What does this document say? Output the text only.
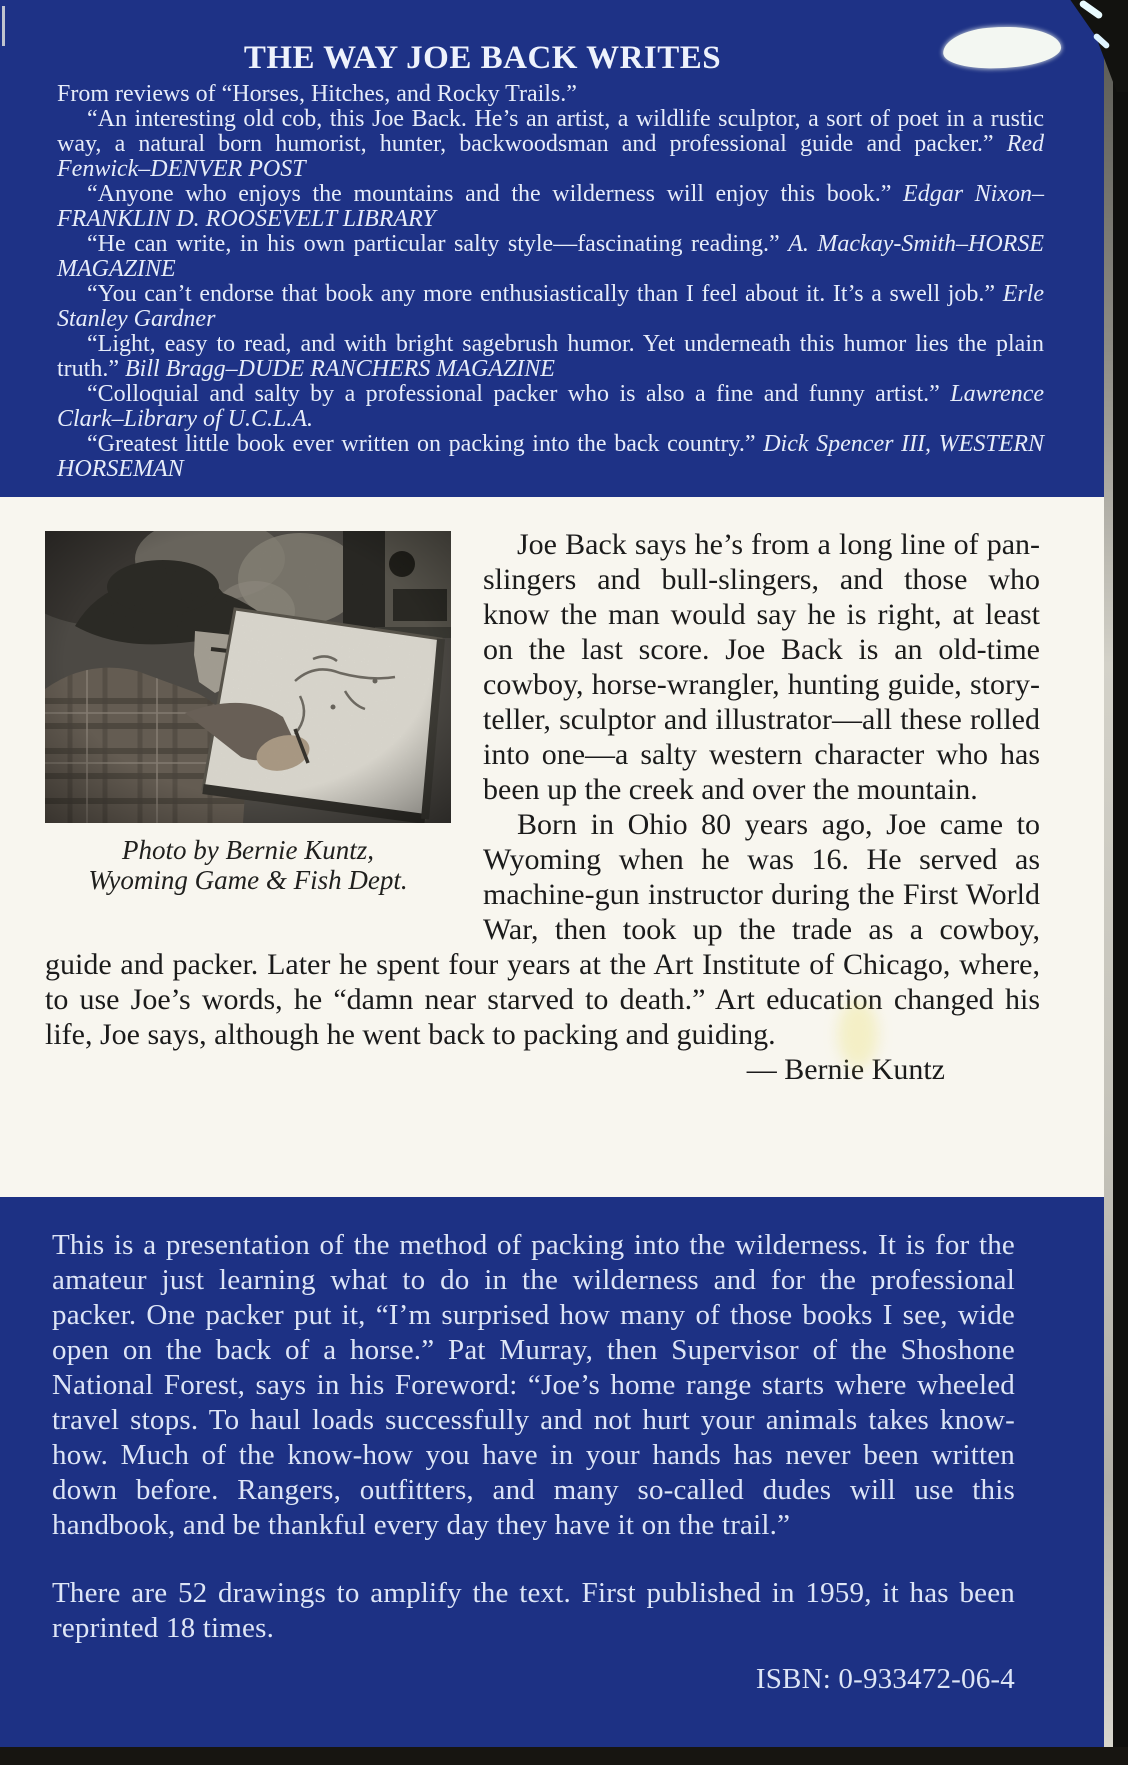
THE WAY JOE BACK WRITES

From reviews of “Horses, Hitches, and Rocky Trails.”

“An interesting old cob, this Joe Back. He’s an artist, a wildlife sculptor, a sort of poet in a rustic way, a natural born humorist, hunter, backwoodsman and professional guide and packer.” Red Fenwick–DENVER POST

“Anyone who enjoys the mountains and the wilderness will enjoy this book.” Edgar Nixon–FRANKLIN D. ROOSEVELT LIBRARY

“He can write, in his own particular salty style—fascinating reading.” A. Mackay-Smith–HORSE MAGAZINE

“You can’t endorse that book any more enthusiastically than I feel about it. It’s a swell job.” Erle Stanley Gardner

“Light, easy to read, and with bright sagebrush humor. Yet underneath this humor lies the plain truth.” Bill Bragg–DUDE RANCHERS MAGAZINE

“Colloquial and salty by a professional packer who is also a fine and funny artist.” Lawrence Clark–Library of U.C.L.A.

“Greatest little book ever written on packing into the back country.” Dick Spencer III, WESTERN HORSEMAN

Photo by Bernie Kuntz,
Wyoming Game & Fish Dept.

Joe Back says he’s from a long line of pan-slingers and bull-slingers, and those who know the man would say he is right, at least on the last score. Joe Back is an old-time cowboy, horse-wrangler, hunting guide, story-teller, sculptor and illustrator—all these rolled into one—a salty western character who has been up the creek and over the mountain.

Born in Ohio 80 years ago, Joe came to Wyoming when he was 16. He served as machine-gun instructor during the First World War, then took up the trade as a cowboy, guide and packer. Later he spent four years at the Art Institute of Chicago, where, to use Joe’s words, he “damn near starved to death.” Art education changed his life, Joe says, although he went back to packing and guiding.

— Bernie Kuntz

This is a presentation of the method of packing into the wilderness. It is for the amateur just learning what to do in the wilderness and for the professional packer. One packer put it, “I’m surprised how many of those books I see, wide open on the back of a horse.” Pat Murray, then Supervisor of the Shoshone National Forest, says in his Foreword: “Joe’s home range starts where wheeled travel stops. To haul loads successfully and not hurt your animals takes know-how. Much of the know-how you have in your hands has never been written down before. Rangers, outfitters, and many so-called dudes will use this handbook, and be thankful every day they have it on the trail.”

There are 52 drawings to amplify the text. First published in 1959, it has been reprinted 18 times.

ISBN: 0-933472-06-4
